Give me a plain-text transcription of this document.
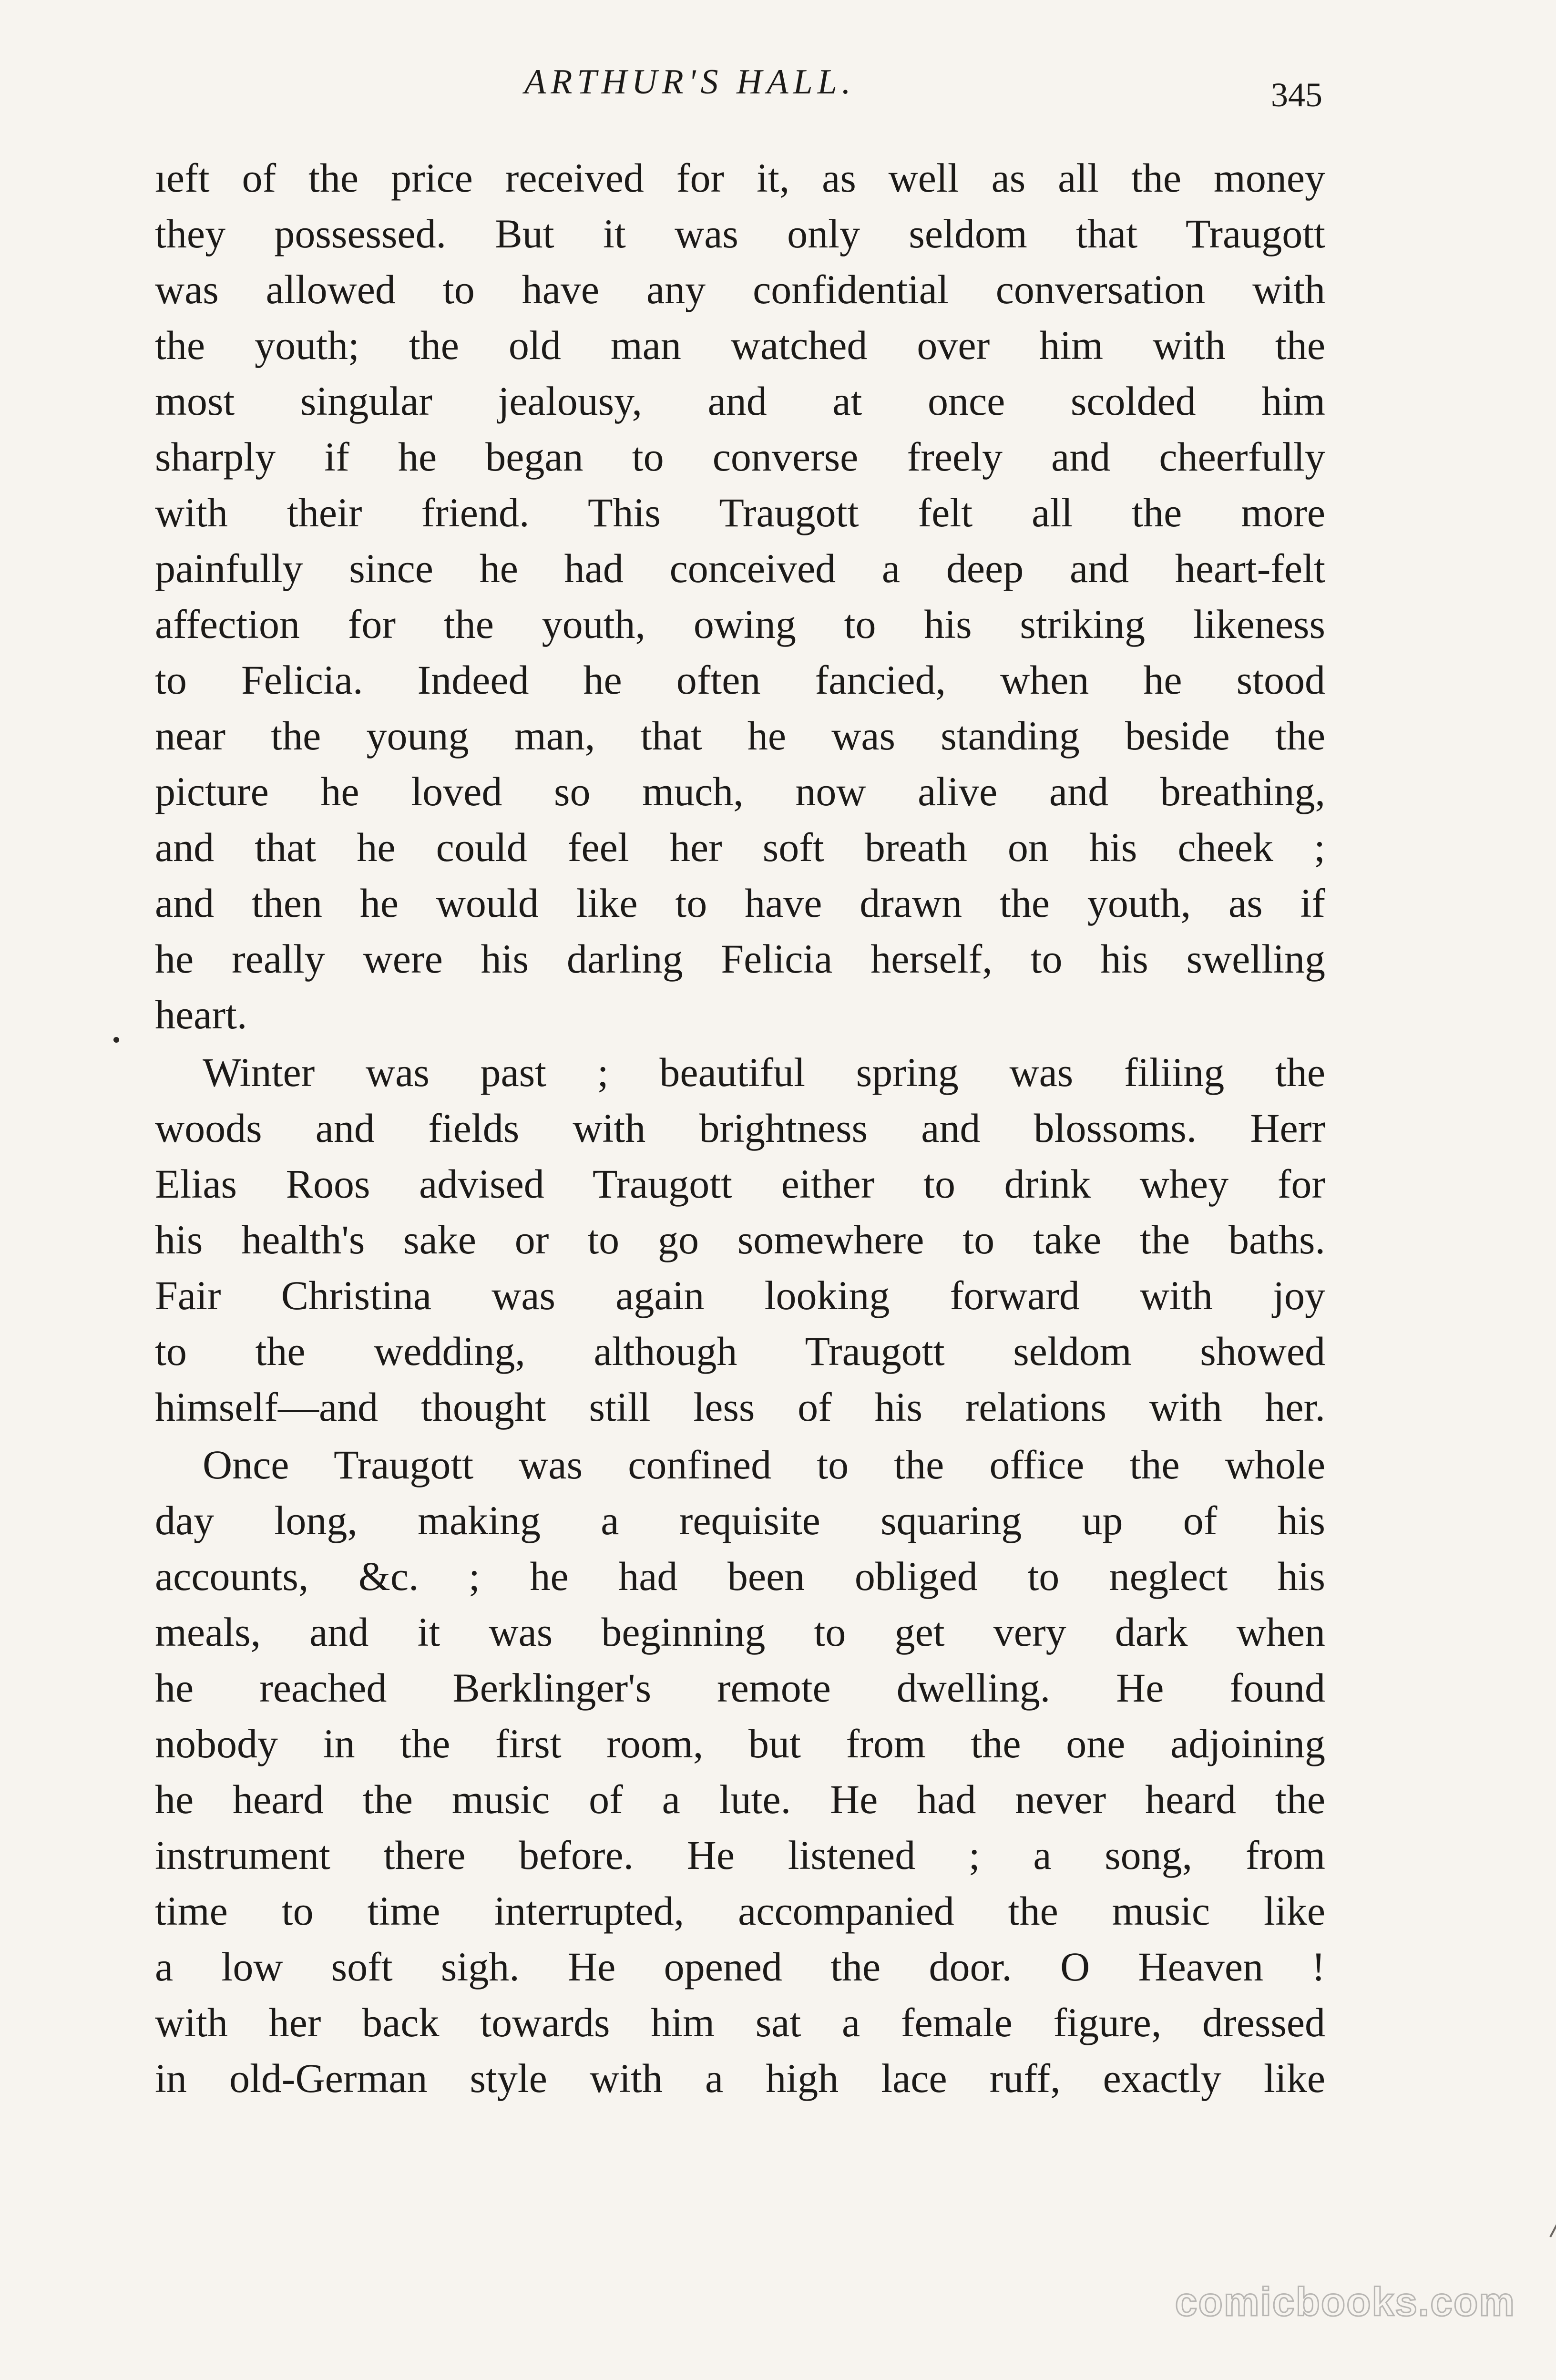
ARTHUR'S HALL.	345
ıeft of the price received for it, as well as all the money
they possessed. But it was only seldom that Traugott
was allowed to have any confidential conversation with
the youth; the old man watched over him with the
most singular jealousy, and at once scolded him
sharply if he began to converse freely and cheerfully
with their friend. This Traugott felt all the more
painfully since he had conceived a deep and heart-felt
affection for the youth, owing to his striking likeness
to Felicia. Indeed he often fancied, when he stood
near the young man, that he was standing beside the
picture he loved so much, now alive and breathing,
and that he could feel her soft breath on his cheek ;
and then he would like to have drawn the youth, as if
he really were his darling Felicia herself, to his swelling
heart.
Winter was past ; beautiful spring was filiing the
woods and fields with brightness and blossoms. Herr
Elias Roos advised Traugott either to drink whey for
his health's sake or to go somewhere to take the baths.
Fair Christina was again looking forward with joy
to the wedding, although Traugott seldom showed
himself—and thought still less of his relations with her.
Once Traugott was confined to the office the whole
day long, making a requisite squaring up of his
accounts, &c. ; he had been obliged to neglect his
meals, and it was beginning to get very dark when
he reached Berklinger's remote dwelling. He found
nobody in the first room, but from the one adjoining
he heard the music of a lute. He had never heard the
instrument there before. He listened ; a song, from
time to time interrupted, accompanied the music like
a low soft sigh. He opened the door. O Heaven !
with her back towards him sat a female figure, dressed
in old-German style with a high lace ruff, exactly like
comicbooks.com
